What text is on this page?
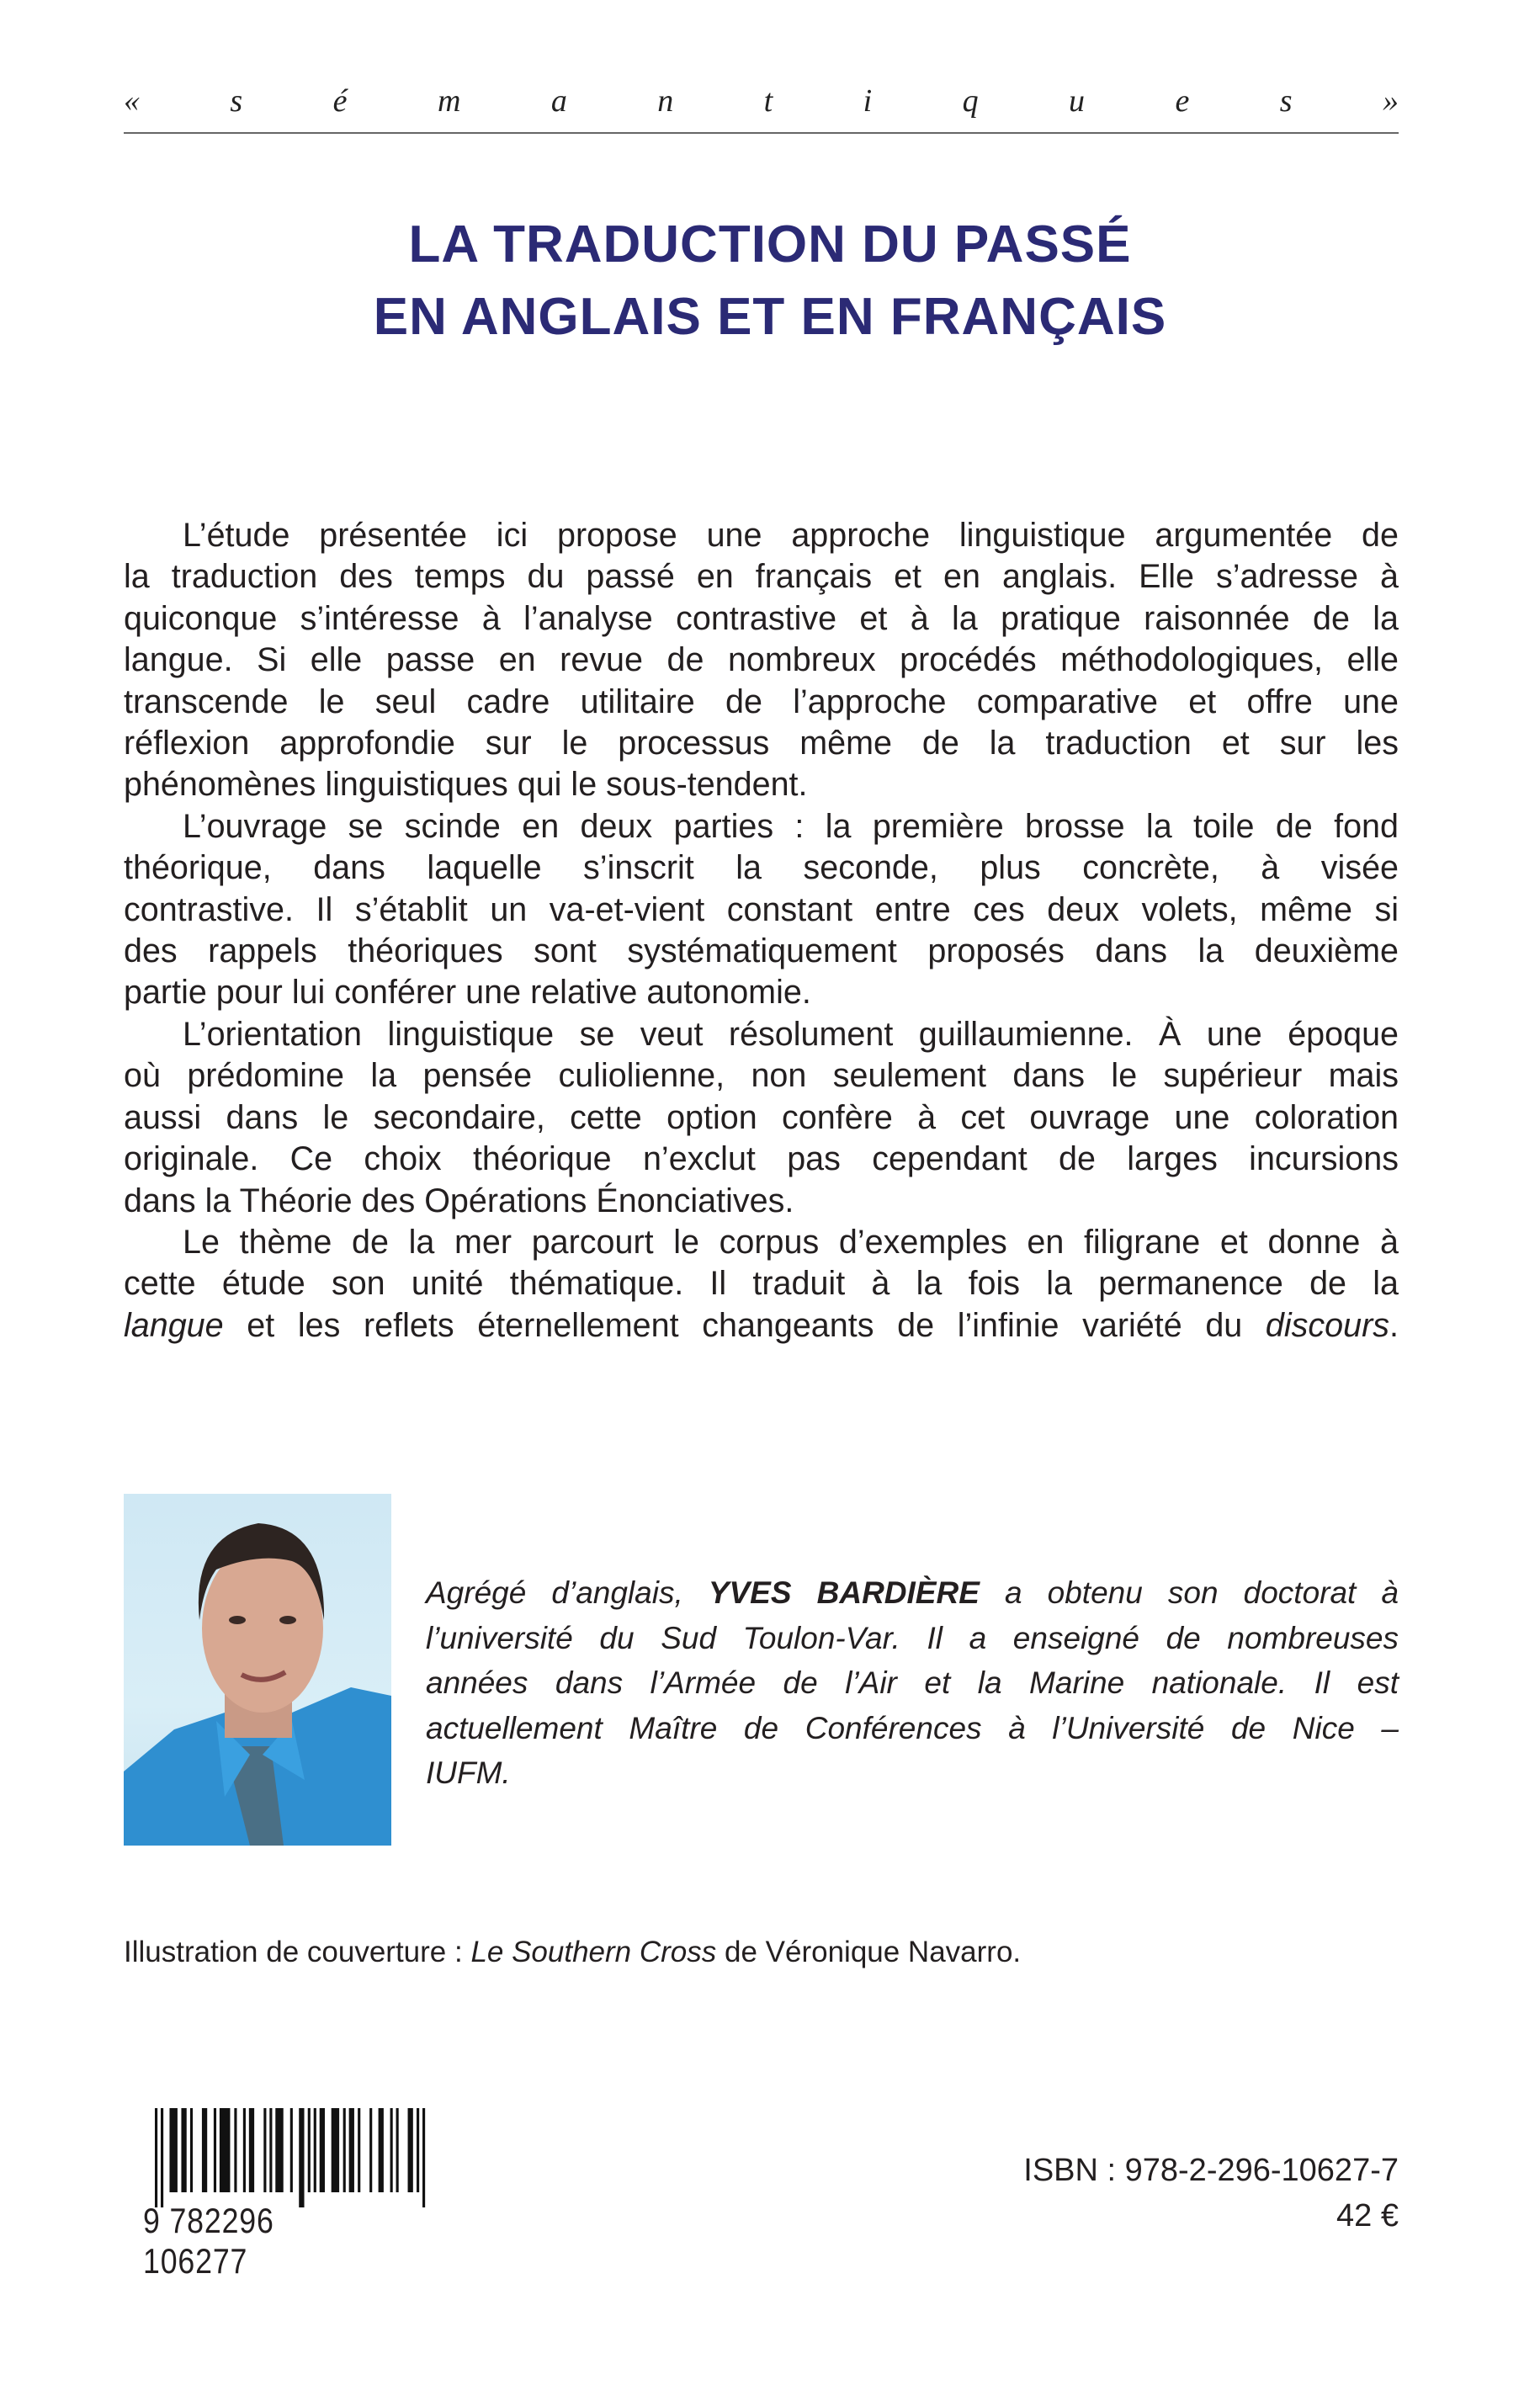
«	s	é	m	a	n	t	i	q	u	e	s	»
LA TRADUCTION DU PASSÉ
EN ANGLAIS ET EN FRANÇAIS
L’étude présentée ici propose une approche linguistique argumentée de
la traduction des temps du passé en français et en anglais. Elle s’adresse à
quiconque s’intéresse à l’analyse contrastive et à la pratique raisonnée de la
langue. Si elle passe en revue de nombreux procédés méthodologiques, elle
transcende le seul cadre utilitaire de l’approche comparative et offre une
réflexion approfondie sur le processus même de la traduction et sur les
phénomènes linguistiques qui le sous-tendent.
L’ouvrage se scinde en deux parties : la première brosse la toile de fond
théorique, dans laquelle s’inscrit la seconde, plus concrète, à visée
contrastive. Il s’établit un va-et-vient constant entre ces deux volets, même si
des rappels théoriques sont systématiquement proposés dans la deuxième
partie pour lui conférer une relative autonomie.
L’orientation linguistique se veut résolument guillaumienne. À une époque
où prédomine la pensée culiolienne, non seulement dans le supérieur mais
aussi dans le secondaire, cette option confère à cet ouvrage une coloration
originale. Ce choix théorique n’exclut pas cependant de larges incursions
dans la Théorie des Opérations Énonciatives.
Le thème de la mer parcourt le corpus d’exemples en filigrane et donne à
cette étude son unité thématique. Il traduit à la fois la permanence de la
langue et les reflets éternellement changeants de l’infinie variété du discours.
Agrégé d’anglais, YVES BARDIÈRE a obtenu son doctorat à
l’université du Sud Toulon-Var. Il a enseigné de nombreuses
années dans l’Armée de l’Air et la Marine nationale. Il est
actuellement Maître de Conférences à l’Université de Nice –
IUFM.
Illustration de couverture : Le Southern Cross de Véronique Navarro.
9 782296 106277
ISBN : 978-2-296-10627-7
42 €
